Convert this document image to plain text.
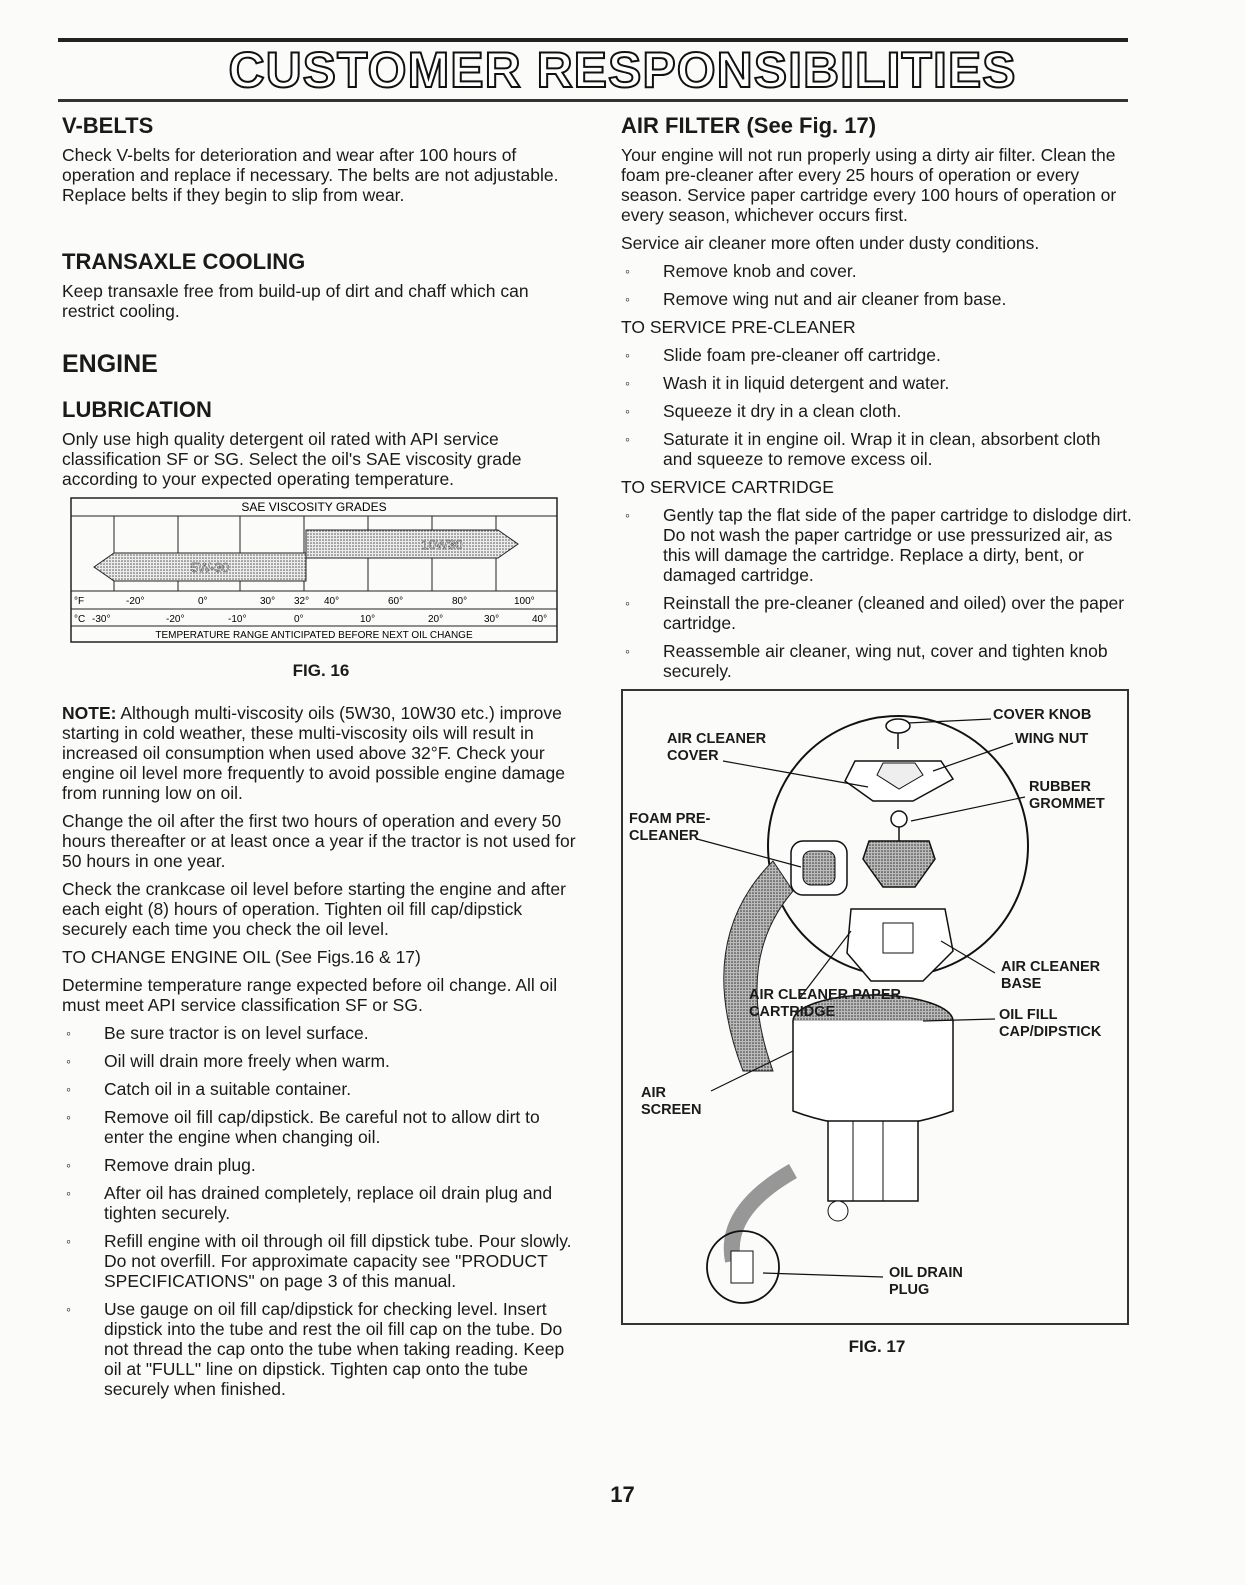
CUSTOMER RESPONSIBILITIES
V-BELTS

Check V-belts for deterioration and wear after 100 hours of operation and replace if necessary. The belts are not adjustable. Replace belts if they begin to slip from wear.

TRANSAXLE COOLING

Keep transaxle free from build-up of dirt and chaff which can restrict cooling.

ENGINE
LUBRICATION

Only use high quality detergent oil rated with API service classification SF or SG. Select the oil's SAE viscosity grade according to your expected operating temperature.

SAE VISCOSITY GRADES
10W30
5W-30
°F	-20°	0°	30° 32° 40°	60°	80°	100°
°C -30°	-20°	-10°	0°	10°	20°	30°	40°
TEMPERATURE RANGE ANTICIPATED BEFORE NEXT OIL CHANGE
FIG. 16

NOTE: Although multi-viscosity oils (5W30, 10W30 etc.) improve starting in cold weather, these multi-viscosity oils will result in increased oil consumption when used above 32°F. Check your engine oil level more frequently to avoid possible engine damage from running low on oil.

Change the oil after the first two hours of operation and every 50 hours thereafter or at least once a year if the tractor is not used for 50 hours in one year.

Check the crankcase oil level before starting the engine and after each eight (8) hours of operation. Tighten oil fill cap/dipstick securely each time you check the oil level.

TO CHANGE ENGINE OIL (See Figs.16 & 17)

Determine temperature range expected before oil change. All oil must meet API service classification SF or SG.

◦ Be sure tractor is on level surface.
◦ Oil will drain more freely when warm.
◦ Catch oil in a suitable container.
◦ Remove oil fill cap/dipstick. Be careful not to allow dirt to enter the engine when changing oil.
◦ Remove drain plug.
◦ After oil has drained completely, replace oil drain plug and tighten securely.
◦ Refill engine with oil through oil fill dipstick tube. Pour slowly. Do not overfill. For approximate capacity see "PRODUCT SPECIFICATIONS" on page 3 of this manual.
◦ Use gauge on oil fill cap/dipstick for checking level. Insert dipstick into the tube and rest the oil fill cap on the tube. Do not thread the cap onto the tube when taking reading. Keep oil at "FULL" line on dipstick. Tighten cap onto the tube securely when finished.
AIR FILTER (See Fig. 17)

Your engine will not run properly using a dirty air filter. Clean the foam pre-cleaner after every 25 hours of operation or every season. Service paper cartridge every 100 hours of operation or every season, whichever occurs first.

Service air cleaner more often under dusty conditions.

◦ Remove knob and cover.
◦ Remove wing nut and air cleaner from base.

TO SERVICE PRE-CLEANER

◦ Slide foam pre-cleaner off cartridge.
◦ Wash it in liquid detergent and water.
◦ Squeeze it dry in a clean cloth.
◦ Saturate it in engine oil. Wrap it in clean, absorbent cloth and squeeze to remove excess oil.

TO SERVICE CARTRIDGE

◦ Gently tap the flat side of the paper cartridge to dislodge dirt. Do not wash the paper cartridge or use pressurized air, as this will damage the cartridge. Replace a dirty, bent, or damaged cartridge.
◦ Reinstall the pre-cleaner (cleaned and oiled) over the paper cartridge.
◦ Reassemble air cleaner, wing nut, cover and tighten knob securely.
COVER KNOB
WING NUT
AIR CLEANER COVER
RUBBER GROMMET
FOAM PRE-CLEANER
AIR CLEANER BASE
AIR CLEANER PAPER CARTRIDGE	OIL FILL CAP/DIPSTICK
AIR SCREEN
OIL DRAIN PLUG
FIG. 17
17
